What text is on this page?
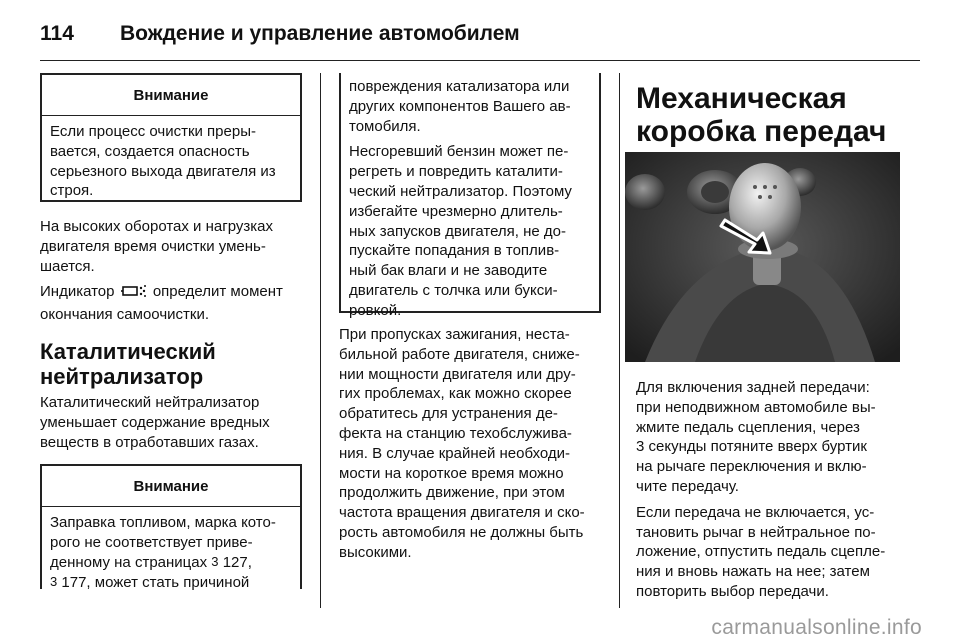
114	Вождение и управление автомобилем
Внимание
Если процесс очистки преры-
вается, создается опасность
серьезного выхода двигателя из
строя.
На высоких оборотах и нагрузках
двигателя время очистки умень-
шается.
Индикатор	определит момент
окончания самоочистки.
Каталитический
нейтрализатор
Каталитический нейтрализатор
уменьшает содержание вредных
веществ в отработавших газах.
Внимание
Заправка топливом, марка кото-
рого не соответствует приве-
денному на страницах 3 127,
3 177, может стать причиной
повреждения катализатора или
других компонентов Вашего ав-
томобиля.
Несгоревший бензин может пе-
регреть и повредить каталити-
ческий нейтрализатор. Поэтому
избегайте чрезмерно длитель-
ных запусков двигателя, не до-
пускайте попадания в топлив-
ный бак влаги и не заводите
двигатель с толчка или букси-
ровкой.
При пропусках зажигания, неста-
бильной работе двигателя, сниже-
нии мощности двигателя или дру-
гих проблемах, как можно скорее
обратитесь для устранения де-
фекта на станцию техобслужива-
ния. В случае крайней необходи-
мости на короткое время можно
продолжить движение, при этом
частота вращения двигателя и ско-
рость автомобиля не должны быть
высокими.
Механическая
коробка передач
Для включения задней передачи:
при неподвижном автомобиле вы-
жмите педаль сцепления, через
3 секунды потяните вверх буртик
на рычаге переключения и вклю-
чите передачу.
Если передача не включается, ус-
тановить рычаг в нейтральное по-
ложение, отпустить педаль сцепле-
ния и вновь нажать на нее; затем
повторить выбор передачи.
carmanualsonline.info
